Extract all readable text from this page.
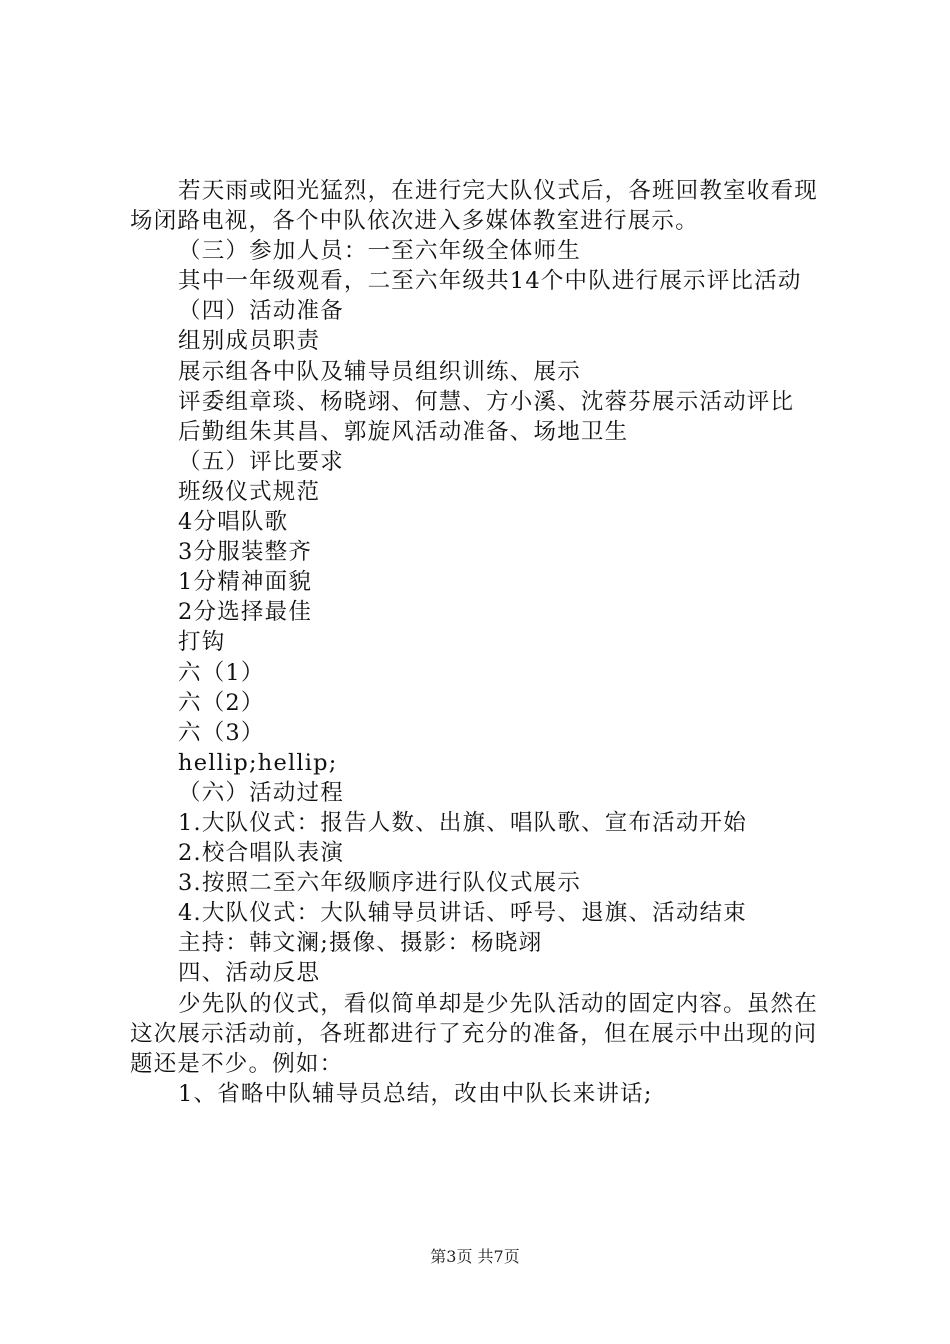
若天雨或阳光猛烈，在进行完大队仪式后，各班回教室收看现场闭路电视，各个中队依次进入多媒体教室进行展示。

（三）参加人员：一至六年级全体师生

其中一年级观看，二至六年级共14个中队进行展示评比活动

（四）活动准备

组别成员职责

展示组各中队及辅导员组织训练、展示

评委组章琰、杨晓翊、何慧、方小溪、沈蓉芬展示活动评比

后勤组朱其昌、郭旋风活动准备、场地卫生

（五）评比要求

班级仪式规范

4分唱队歌

3分服装整齐

1分精神面貌

2分选择最佳

打钩

六（1）

六（2）

六（3）

hellip;hellip;

（六）活动过程

1.大队仪式：报告人数、出旗、唱队歌、宣布活动开始

2.校合唱队表演

3.按照二至六年级顺序进行队仪式展示

4.大队仪式：大队辅导员讲话、呼号、退旗、活动结束

主持：韩文澜;摄像、摄影：杨晓翊

四、活动反思

少先队的仪式，看似简单却是少先队活动的固定内容。虽然在这次展示活动前，各班都进行了充分的准备，但在展示中出现的问题还是不少。例如：

1、省略中队辅导员总结，改由中队长来讲话;

第3页 共7页
